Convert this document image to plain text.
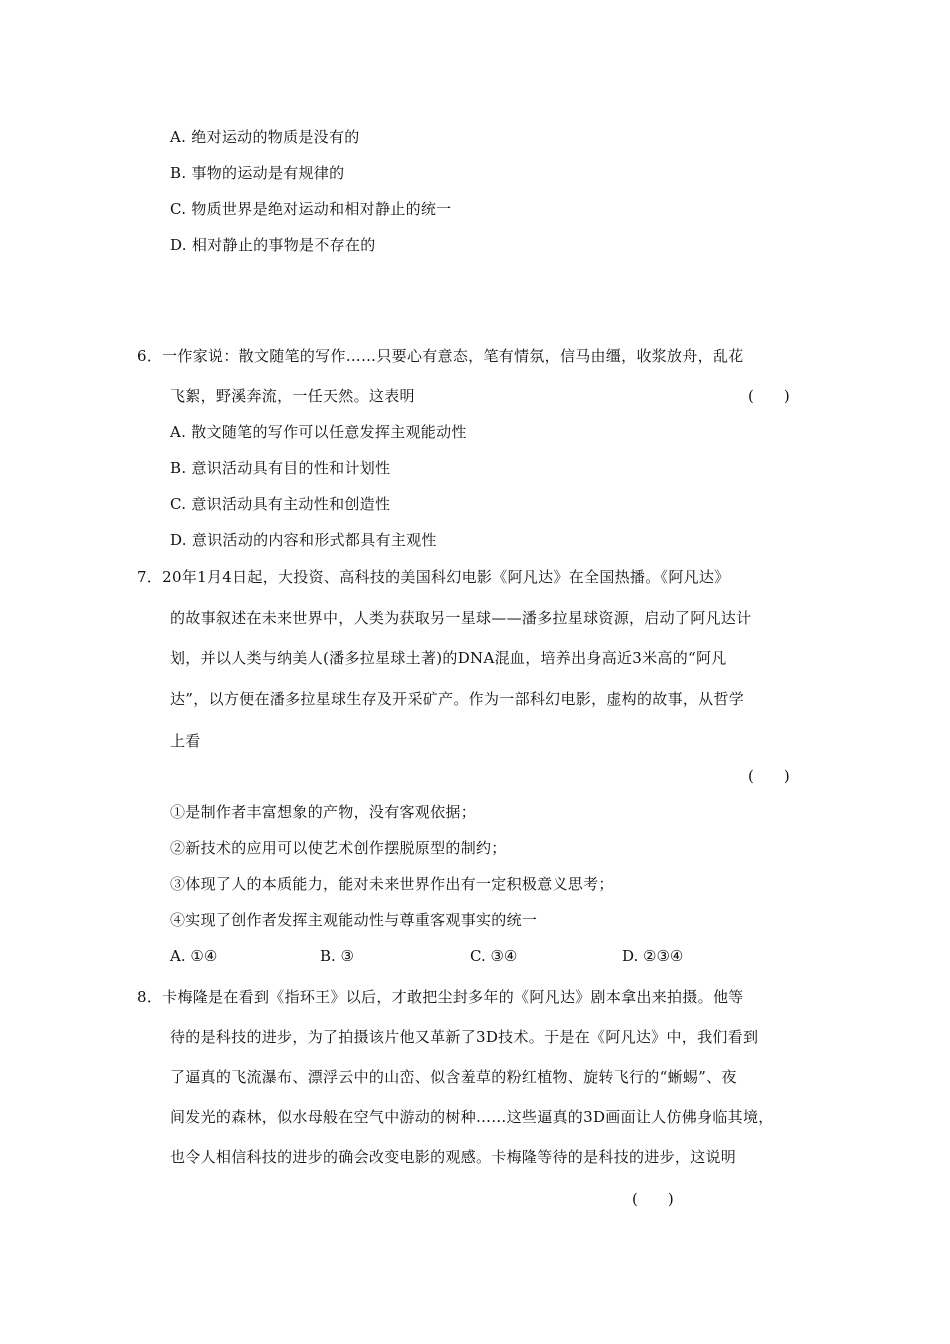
A. 绝对运动的物质是没有的
B. 事物的运动是有规律的
C. 物质世界是绝对运动和相对静止的统一
D. 相对静止的事物是不存在的
6．一作家说：散文随笔的写作……只要心有意态，笔有情氛，信马由缰，收浆放舟，乱花
飞絮，野溪奔流，一任天然。这表明	(　　)
A. 散文随笔的写作可以任意发挥主观能动性
B. 意识活动具有目的性和计划性
C. 意识活动具有主动性和创造性
D. 意识活动的内容和形式都具有主观性
7．20年1月4日起，大投资、高科技的美国科幻电影《阿凡达》在全国热播。《阿凡达》
的故事叙述在未来世界中，人类为获取另一星球——潘多拉星球资源，启动了阿凡达计
划，并以人类与纳美人(潘多拉星球土著)的DNA混血，培养出身高近3米高的“阿凡
达”，以方便在潘多拉星球生存及开采矿产。作为一部科幻电影，虚构的故事，从哲学
上看
(　　)
①是制作者丰富想象的产物，没有客观依据；
②新技术的应用可以使艺术创作摆脱原型的制约；
③体现了人的本质能力，能对未来世界作出有一定积极意义思考；
④实现了创作者发挥主观能动性与尊重客观事实的统一
A. ①④	B. ③	C. ③④	D. ②③④
8．卡梅隆是在看到《指环王》以后，才敢把尘封多年的《阿凡达》剧本拿出来拍摄。他等
待的是科技的进步，为了拍摄该片他又革新了3D技术。于是在《阿凡达》中，我们看到
了逼真的飞流瀑布、漂浮云中的山峦、似含羞草的粉红植物、旋转飞行的“蜥蜴”、夜
间发光的森林，似水母般在空气中游动的树种……这些逼真的3D画面让人仿佛身临其境，
也令人相信科技的进步的确会改变电影的观感。卡梅隆等待的是科技的进步，这说明
(　　)
